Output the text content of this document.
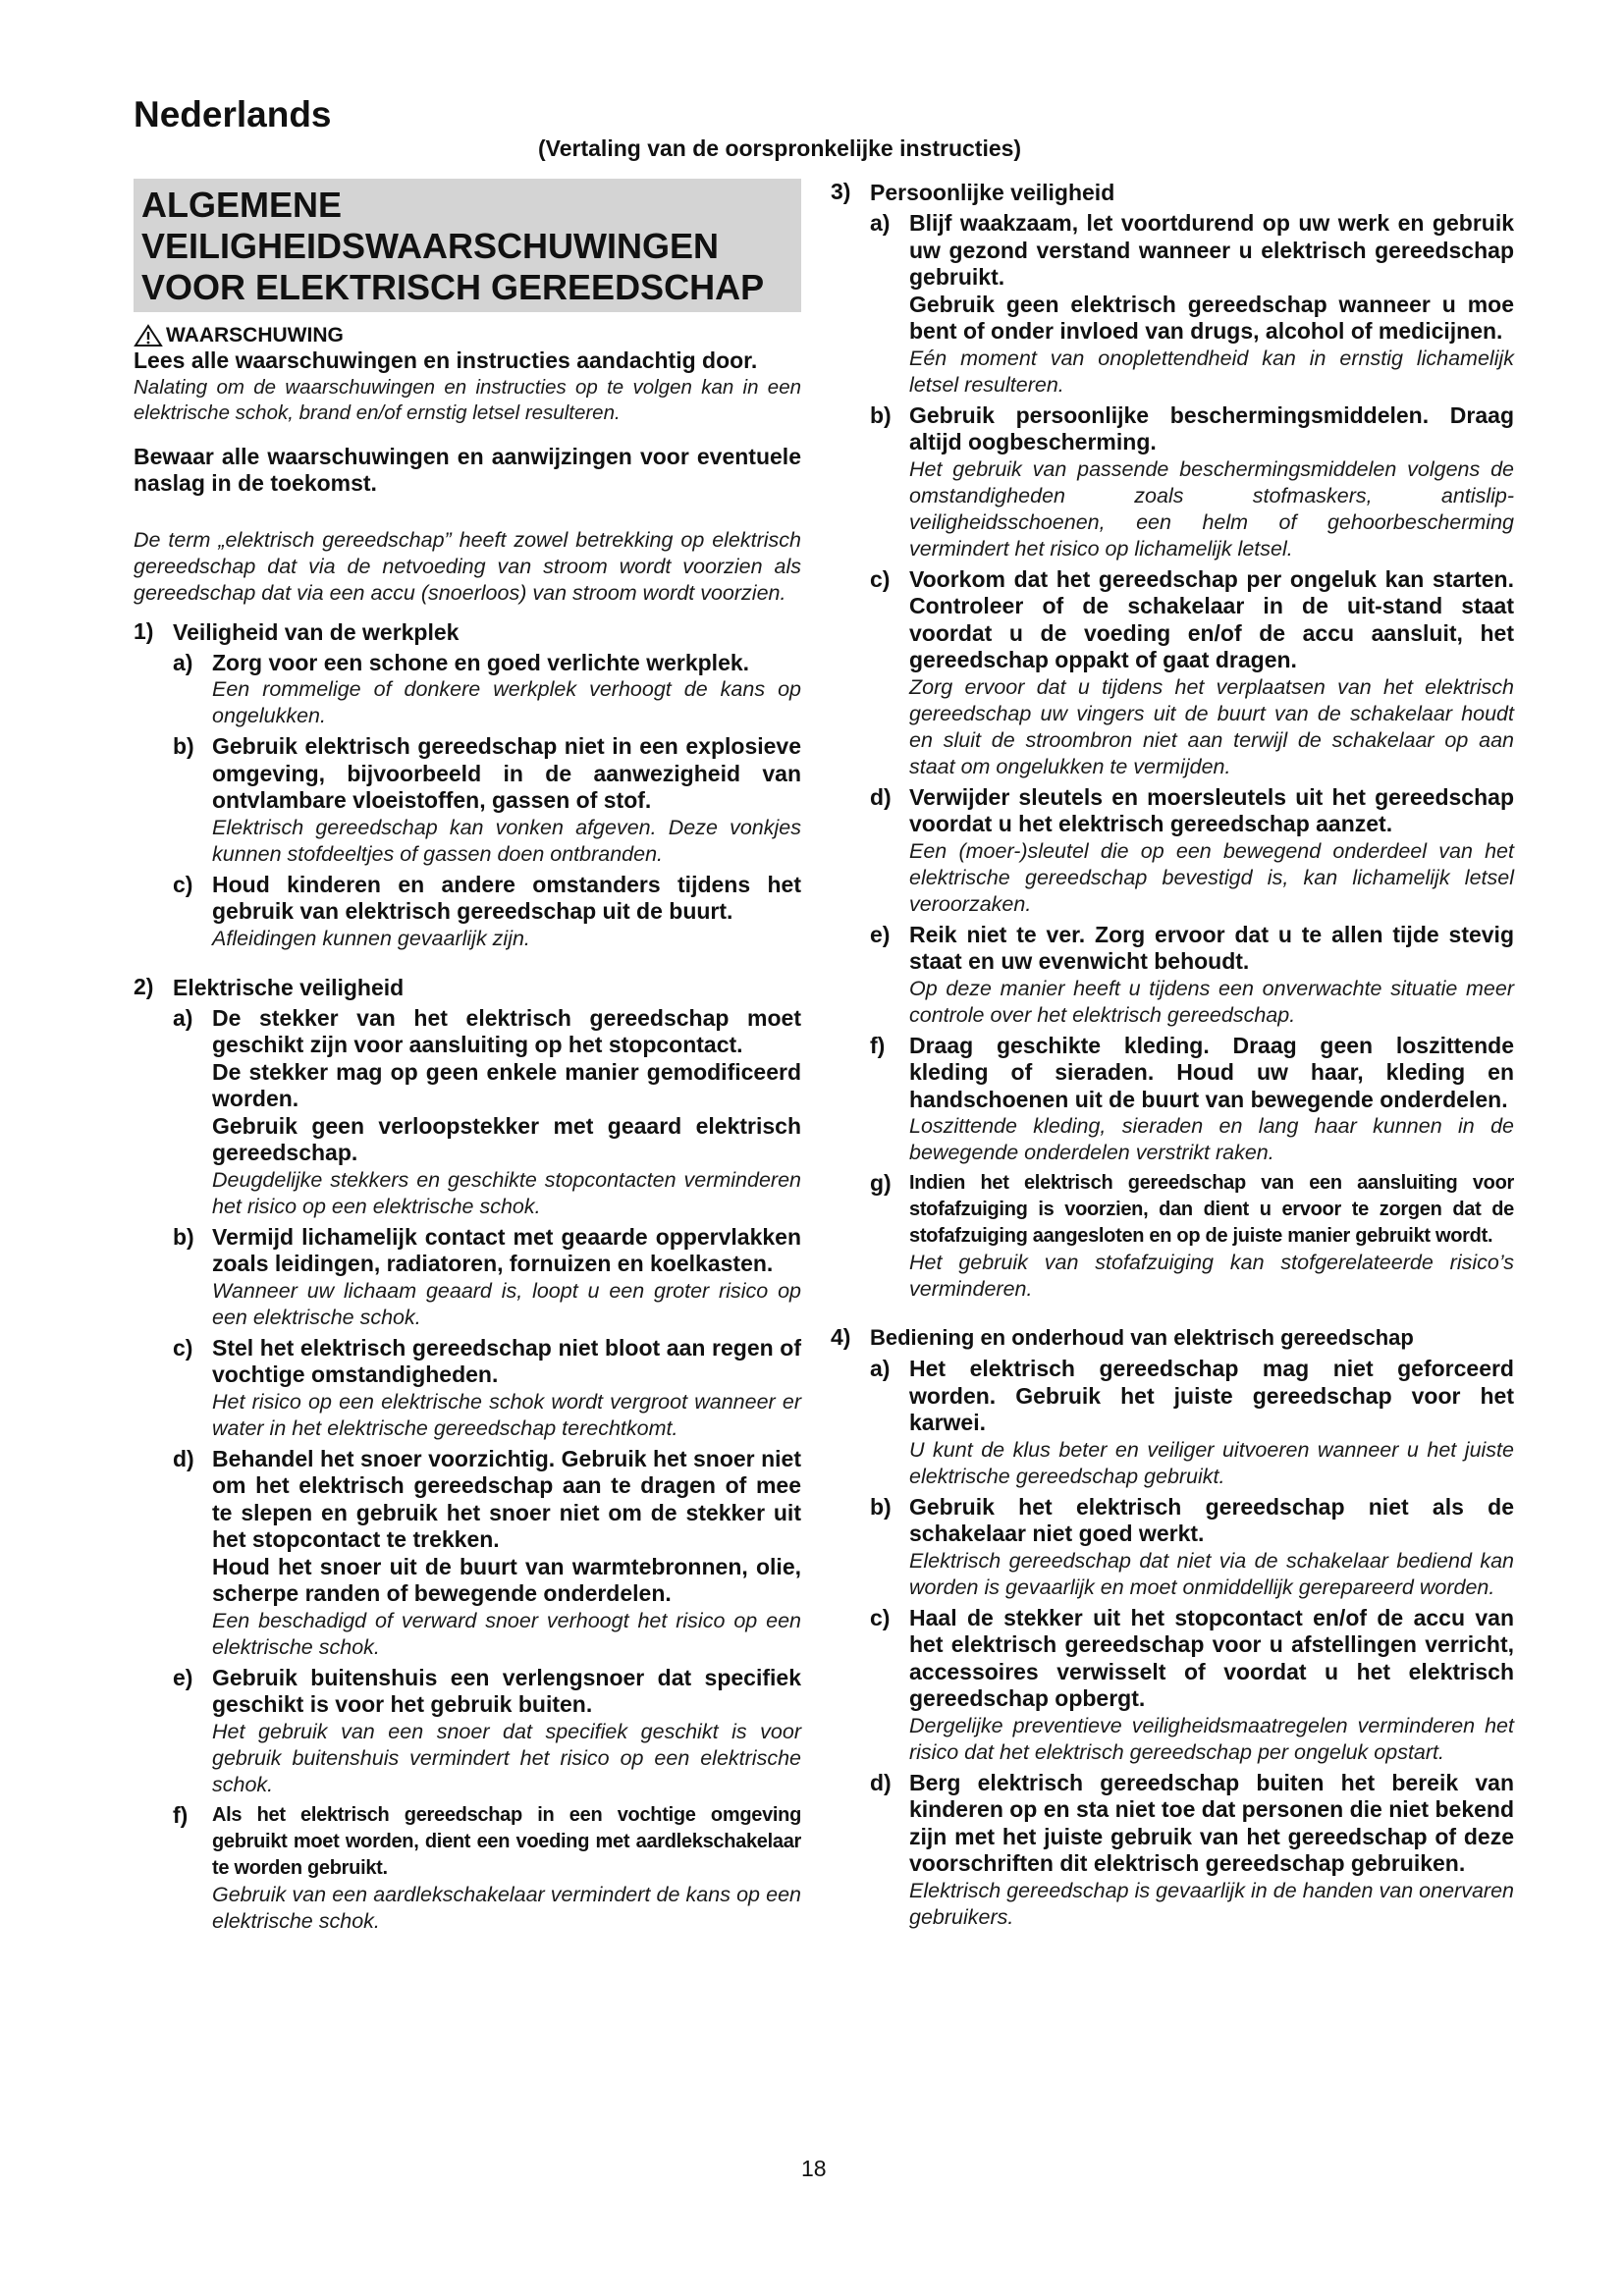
Nederlands
(Vertaling van de oorspronkelijke instructies)
ALGEMENE VEILIGHEIDSWAARSCHUWINGEN VOOR ELEKTRISCH GEREEDSCHAP
WAARSCHUWING

Lees alle waarschuwingen en instructies aandachtig door.

Nalating om de waarschuwingen en instructies op te volgen kan in een elektrische schok, brand en/of ernstig letsel resulteren.

Bewaar alle waarschuwingen en aanwijzingen voor eventuele naslag in de toekomst.

De term „elektrisch gereedschap” heeft zowel betrekking op elektrisch gereedschap dat via de netvoeding van stroom wordt voorzien als gereedschap dat via een accu (snoerloos) van stroom wordt voorzien.

1) Veiligheid van de werkplek
a) Zorg voor een schone en goed verlichte werkplek.

Een rommelige of donkere werkplek verhoogt de kans op ongelukken.

b) Gebruik elektrisch gereedschap niet in een explosieve omgeving, bijvoorbeeld in de aanwezigheid van ontvlambare vloeistoffen, gassen of stof.

Elektrisch gereedschap kan vonken afgeven. Deze vonkjes kunnen stofdeeltjes of gassen doen ontbranden.

c) Houd kinderen en andere omstanders tijdens het gebruik van elektrisch gereedschap uit de buurt.

Afleidingen kunnen gevaarlijk zijn.

2) Elektrische veiligheid
a) De stekker van het elektrisch gereedschap moet geschikt zijn voor aansluiting op het stopcontact.

De stekker mag op geen enkele manier gemodificeerd worden.

Gebruik geen verloopstekker met geaard elektrisch gereedschap.

Deugdelijke stekkers en geschikte stopcontacten verminderen het risico op een elektrische schok.

b) Vermijd lichamelijk contact met geaarde oppervlakken zoals leidingen, radiatoren, fornuizen en koelkasten.

Wanneer uw lichaam geaard is, loopt u een groter risico op een elektrische schok.

c) Stel het elektrisch gereedschap niet bloot aan regen of vochtige omstandigheden.

Het risico op een elektrische schok wordt vergroot wanneer er water in het elektrische gereedschap terechtkomt.

d) Behandel het snoer voorzichtig. Gebruik het snoer niet om het elektrisch gereedschap aan te dragen of mee te slepen en gebruik het snoer niet om de stekker uit het stopcontact te trekken.

Houd het snoer uit de buurt van warmtebronnen, olie, scherpe randen of bewegende onderdelen.

Een beschadigd of verward snoer verhoogt het risico op een elektrische schok.

e) Gebruik buitenshuis een verlengsnoer dat specifiek geschikt is voor het gebruik buiten.

Het gebruik van een snoer dat specifiek geschikt is voor gebruik buitenshuis vermindert het risico op een elektrische schok.

f)	Als het elektrisch gereedschap in een vochtige omgeving gebruikt moet worden, dient een voeding met aardlekschakelaar te worden gebruikt.

Gebruik van een aardlekschakelaar vermindert de kans op een elektrische schok.

3) Persoonlijke veiligheid
a) Blijf waakzaam, let voortdurend op uw werk en gebruik uw gezond verstand wanneer u elektrisch gereedschap gebruikt.

Gebruik geen elektrisch gereedschap wanneer u moe bent of onder invloed van drugs, alcohol of medicijnen.

Eén moment van onoplettendheid kan in ernstig lichamelijk letsel resulteren.

b) Gebruik persoonlijke beschermingsmiddelen. Draag altijd oogbescherming.

Het gebruik van passende beschermingsmiddelen volgens de omstandigheden zoals stofmaskers, antislip-veiligheidsschoenen, een helm of gehoorbescherming vermindert het risico op lichamelijk letsel.

c) Voorkom dat het gereedschap per ongeluk kan starten. Controleer of de schakelaar in de uit-stand staat voordat u de voeding en/of de accu aansluit, het gereedschap oppakt of gaat dragen.

Zorg ervoor dat u tijdens het verplaatsen van het elektrisch gereedschap uw vingers uit de buurt van de schakelaar houdt en sluit de stroombron niet aan terwijl de schakelaar op aan staat om ongelukken te vermijden.

d) Verwijder sleutels en moersleutels uit het gereedschap voordat u het elektrisch gereedschap aanzet.

Een (moer-)sleutel die op een bewegend onderdeel van het elektrische gereedschap bevestigd is, kan lichamelijk letsel veroorzaken.

e) Reik niet te ver. Zorg ervoor dat u te allen tijde stevig staat en uw evenwicht behoudt.

Op deze manier heeft u tijdens een onverwachte situatie meer controle over het elektrisch gereedschap.

f)	Draag geschikte kleding. Draag geen loszittende kleding of sieraden. Houd uw haar, kleding en handschoenen uit de buurt van bewegende onderdelen.

Loszittende kleding, sieraden en lang haar kunnen in de bewegende onderdelen verstrikt raken.

g) Indien het elektrisch gereedschap van een aansluiting voor stofafzuiging is voorzien, dan dient u ervoor te zorgen dat de stofafzuiging aangesloten en op de juiste manier gebruikt wordt.

Het gebruik van stofafzuiging kan stofgerelateerde risico’s verminderen.

4) Bediening en onderhoud van elektrisch gereedschap
a) Het elektrisch gereedschap mag niet geforceerd worden. Gebruik het juiste gereedschap voor het karwei.

U kunt de klus beter en veiliger uitvoeren wanneer u het juiste elektrische gereedschap gebruikt.

b) Gebruik het elektrisch gereedschap niet als de schakelaar niet goed werkt.

Elektrisch gereedschap dat niet via de schakelaar bediend kan worden is gevaarlijk en moet onmiddellijk gerepareerd worden.

c) Haal de stekker uit het stopcontact en/of de accu van het elektrisch gereedschap voor u afstellingen verricht, accessoires verwisselt of voordat u het elektrisch gereedschap opbergt.

Dergelijke preventieve veiligheidsmaatregelen verminderen het risico dat het elektrisch gereedschap per ongeluk opstart.

d) Berg elektrisch gereedschap buiten het bereik van kinderen op en sta niet toe dat personen die niet bekend zijn met het juiste gebruik van het gereedschap of deze voorschriften dit elektrisch gereedschap gebruiken.

Elektrisch gereedschap is gevaarlijk in de handen van onervaren gebruikers.

18
